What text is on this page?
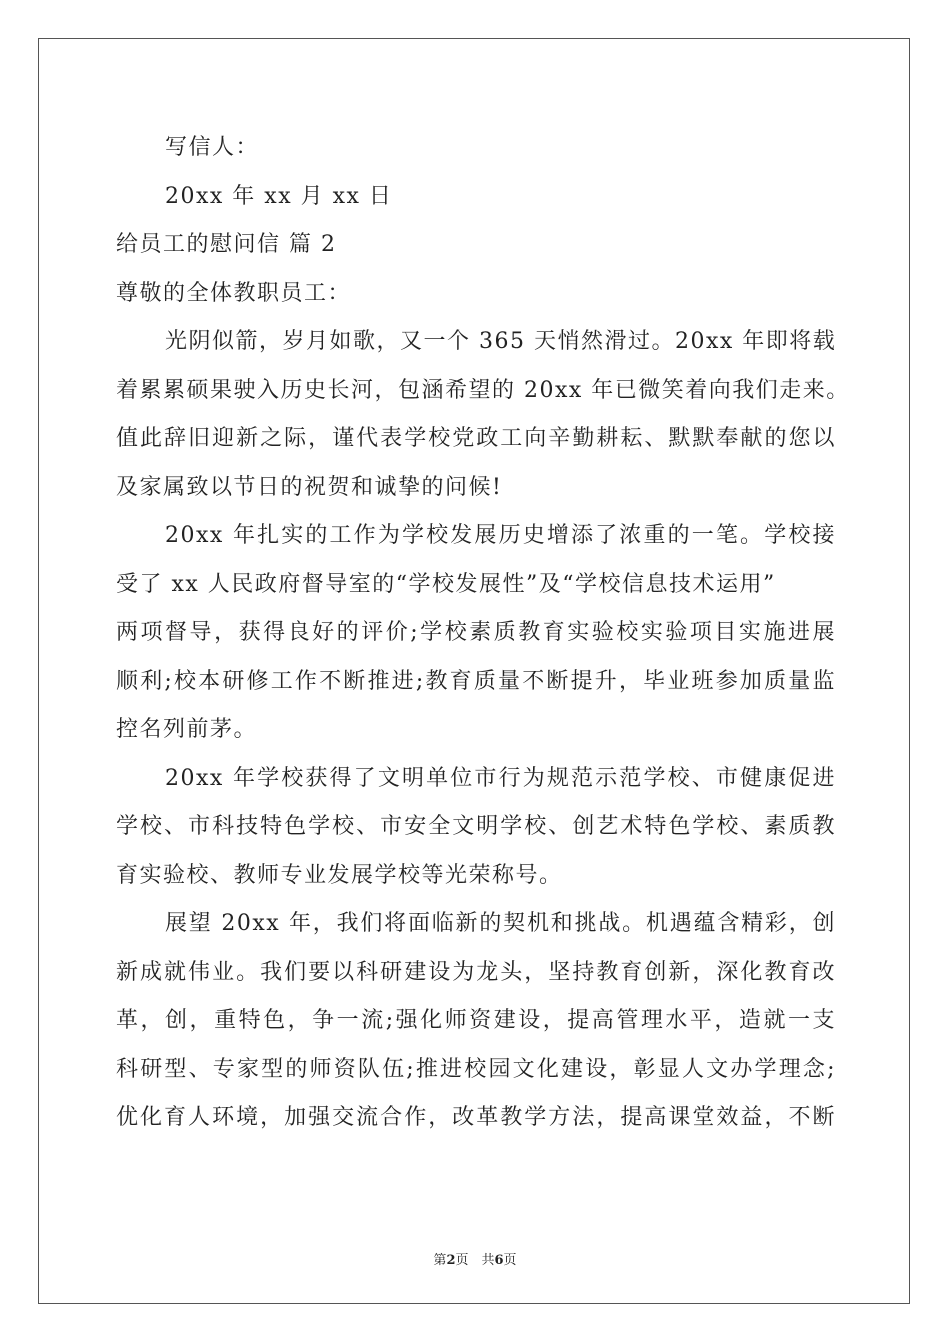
写信人：
20xx 年 xx 月 xx 日
给员工的慰问信 篇 2
尊敬的全体教职员工：
光阴似箭，岁月如歌，又一个 365 天悄然滑过。20xx 年即将载
着累累硕果驶入历史长河，包涵希望的 20xx 年已微笑着向我们走来。
值此辞旧迎新之际，谨代表学校党政工向辛勤耕耘、默默奉献的您以
及家属致以节日的祝贺和诚挚的问候!
20xx 年扎实的工作为学校发展历史增添了浓重的一笔。学校接
受了 xx 人民政府督导室的“学校发展性”及“学校信息技术运用”
两项督导，获得良好的评价;学校素质教育实验校实验项目实施进展
顺利;校本研修工作不断推进;教育质量不断提升，毕业班参加质量监
控名列前茅。
20xx 年学校获得了文明单位市行为规范示范学校、市健康促进
学校、市科技特色学校、市安全文明学校、创艺术特色学校、素质教
育实验校、教师专业发展学校等光荣称号。
展望 20xx 年，我们将面临新的契机和挑战。机遇蕴含精彩，创
新成就伟业。我们要以科研建设为龙头，坚持教育创新，深化教育改
革，创，重特色，争一流;强化师资建设，提高管理水平，造就一支
科研型、专家型的师资队伍;推进校园文化建设，彰显人文办学理念;
优化育人环境，加强交流合作，改革教学方法，提高课堂效益，不断
第2页　共6页
